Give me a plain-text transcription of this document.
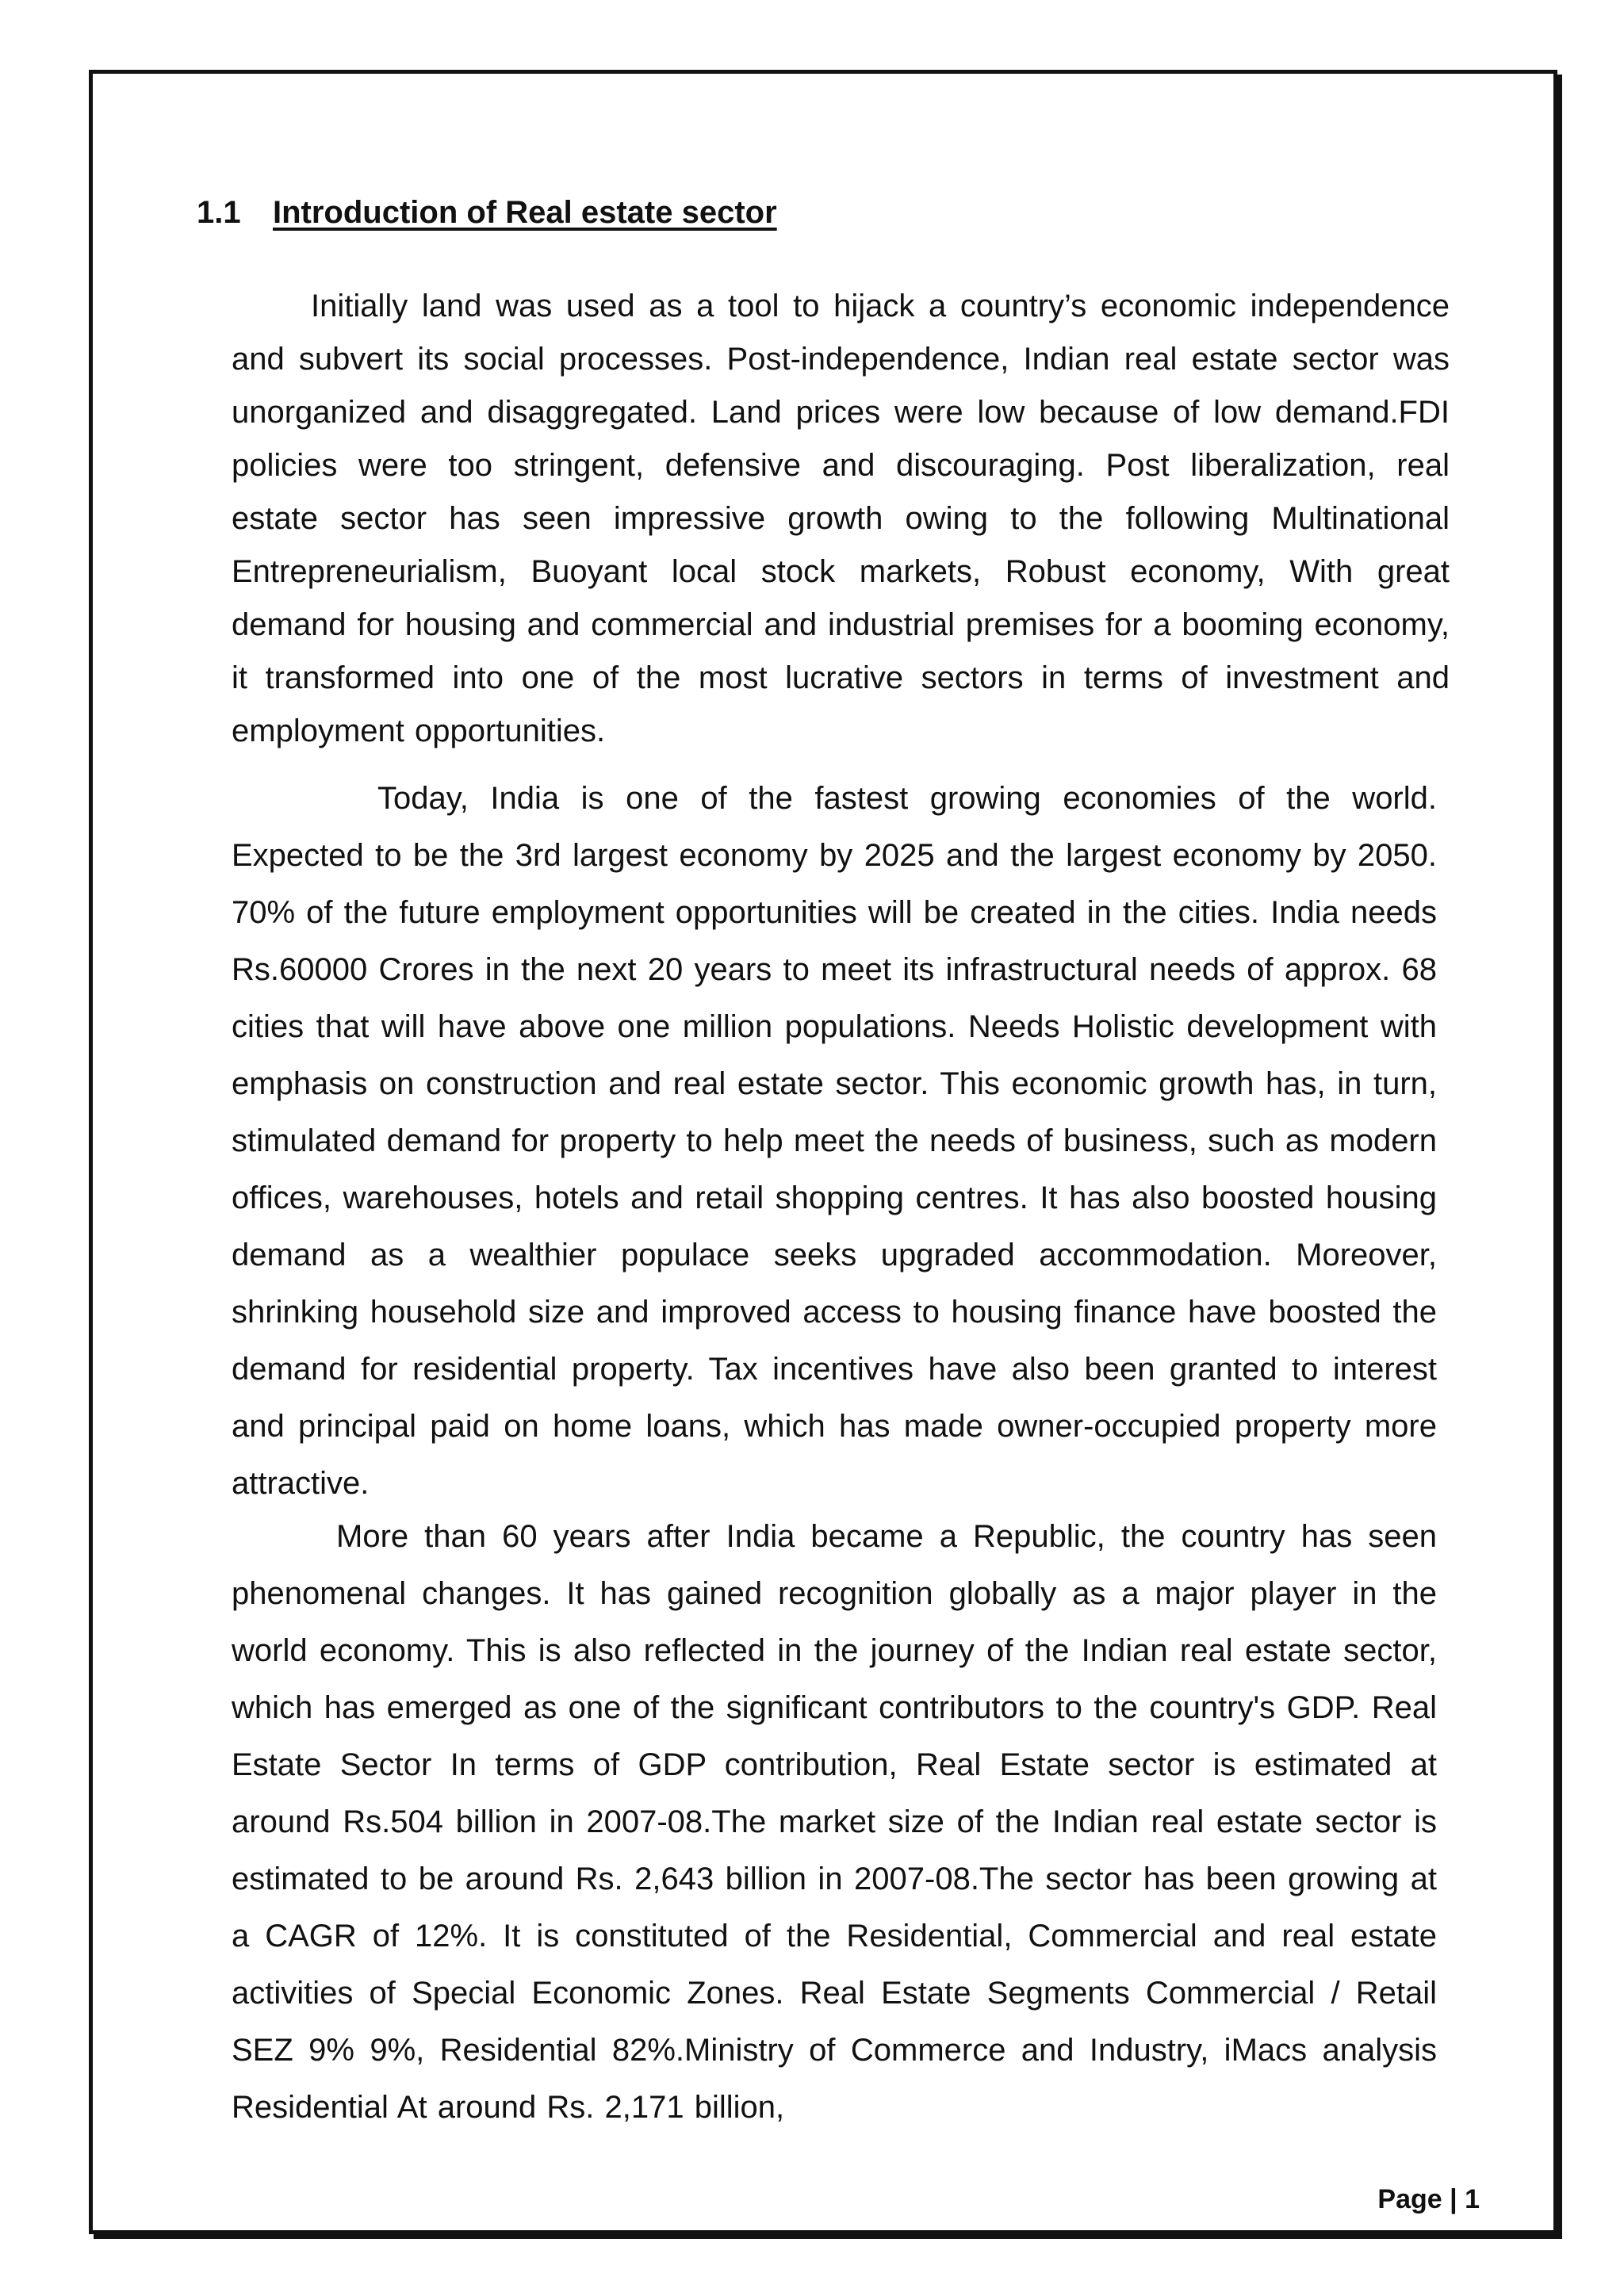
1.1 Introduction of Real estate sector

Initially land was used as a tool to hijack a country’s economic independence and subvert its social processes. Post-independence, Indian real estate sector was unorganized and disaggregated. Land prices were low because of low demand.FDI policies were too stringent, defensive and discouraging. Post liberalization, real estate sector has seen impressive growth owing to the following Multinational Entrepreneurialism, Buoyant local stock markets, Robust economy, With great demand for housing and commercial and industrial premises for a booming economy, it transformed into one of the most lucrative sectors in terms of investment and employment opportunities.

Today, India is one of the fastest growing economies of the world. Expected to be the 3rd largest economy by 2025 and the largest economy by 2050. 70% of the future employment opportunities will be created in the cities. India needs Rs.60000 Crores in the next 20 years to meet its infrastructural needs of approx. 68 cities that will have above one million populations. Needs Holistic development with emphasis on construction and real estate sector. This economic growth has, in turn, stimulated demand for property to help meet the needs of business, such as modern offices, warehouses, hotels and retail shopping centres. It has also boosted housing demand as a wealthier populace seeks upgraded accommodation. Moreover, shrinking household size and improved access to housing finance have boosted the demand for residential property. Tax incentives have also been granted to interest and principal paid on home loans, which has made owner-occupied property more attractive.

More than 60 years after India became a Republic, the country has seen phenomenal changes. It has gained recognition globally as a major player in the world economy. This is also reflected in the journey of the Indian real estate sector, which has emerged as one of the significant contributors to the country's GDP. Real Estate Sector In terms of GDP contribution, Real Estate sector is estimated at around Rs.504 billion in 2007-08.The market size of the Indian real estate sector is estimated to be around Rs. 2,643 billion in 2007-08.The sector has been growing at a CAGR of 12%. It is constituted of the Residential, Commercial and real estate activities of Special Economic Zones. Real Estate Segments Commercial / Retail SEZ 9% 9%, Residential 82%.Ministry of Commerce and Industry, iMacs analysis Residential At around Rs. 2,171 billion,

Page | 1
